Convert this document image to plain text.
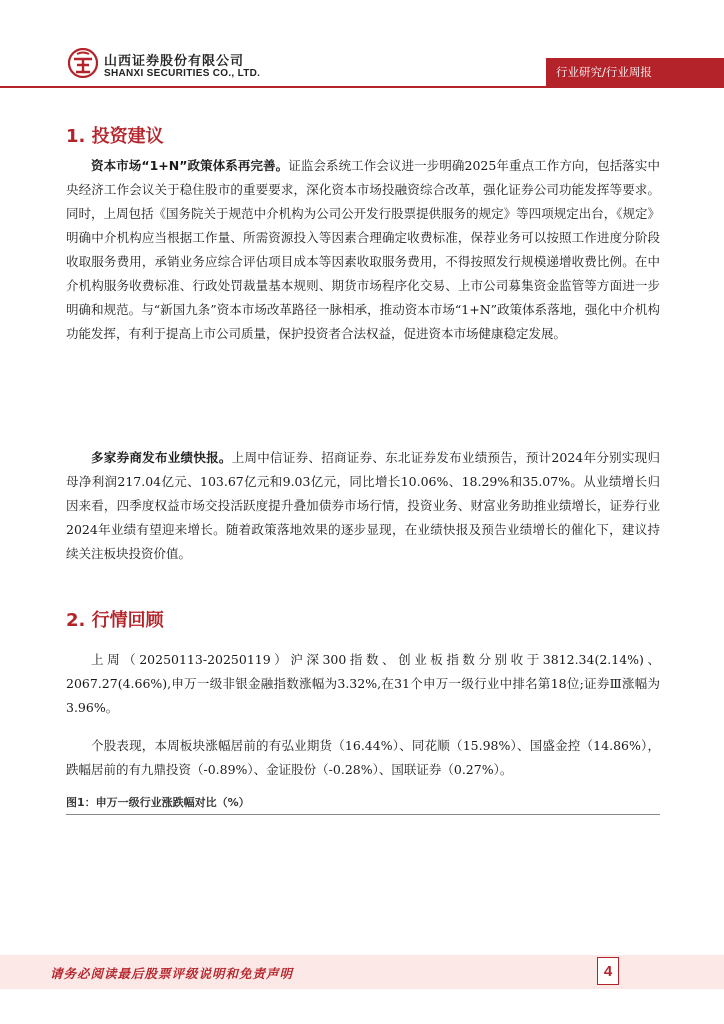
山西证券股份有限公司
SHANXI SECURITIES CO., LTD.	行业研究/行业周报
1. 投资建议
资本市场“1+N”政策体系再完善。证监会系统工作会议进一步明确2025年重点工作方向，包括落实中央经济工作会议关于稳住股市的重要要求，深化资本市场投融资综合改革，强化证券公司功能发挥等要求。同时，上周包括《国务院关于规范中介机构为公司公开发行股票提供服务的规定》等四项规定出台，《规定》明确中介机构应当根据工作量、所需资源投入等因素合理确定收费标准，保荐业务可以按照工作进度分阶段收取服务费用，承销业务应综合评估项目成本等因素收取服务费用，不得按照发行规模递增收费比例。在中介机构服务收费标准、行政处罚裁量基本规则、期货市场程序化交易、上市公司募集资金监管等方面进一步明确和规范。与“新国九条”资本市场改革路径一脉相承，推动资本市场“1+N”政策体系落地，强化中介机构功能发挥，有利于提高上市公司质量，保护投资者合法权益，促进资本市场健康稳定发展。
多家券商发布业绩快报。上周中信证券、招商证券、东北证券发布业绩预告，预计2024年分别实现归母净利润217.04亿元、103.67亿元和9.03亿元，同比增长10.06%、18.29%和35.07%。从业绩增长归因来看，四季度权益市场交投活跃度提升叠加债券市场行情，投资业务、财富业务助推业绩增长，证券行业2024年业绩有望迎来增长。随着政策落地效果的逐步显现，在业绩快报及预告业绩增长的催化下，建议持续关注板块投资价值。
2. 行情回顾
上周（20250113-20250119）沪深300指数、创业板指数分别收于3812.34(2.14%)、2067.27(4.66%),申万一级非银金融指数涨幅为3.32%,在31个申万一级行业中排名第18位;证券Ⅲ涨幅为3.96%。
个股表现，本周板块涨幅居前的有弘业期货（16.44%）、同花顺（15.98%）、国盛金控（14.86%），跌幅居前的有九鼎投资（-0.89%）、金证股份（-0.28%）、国联证券（0.27%）。
图1：申万一级行业涨跌幅对比（%）
请务必阅读最后股票评级说明和免责声明	4
